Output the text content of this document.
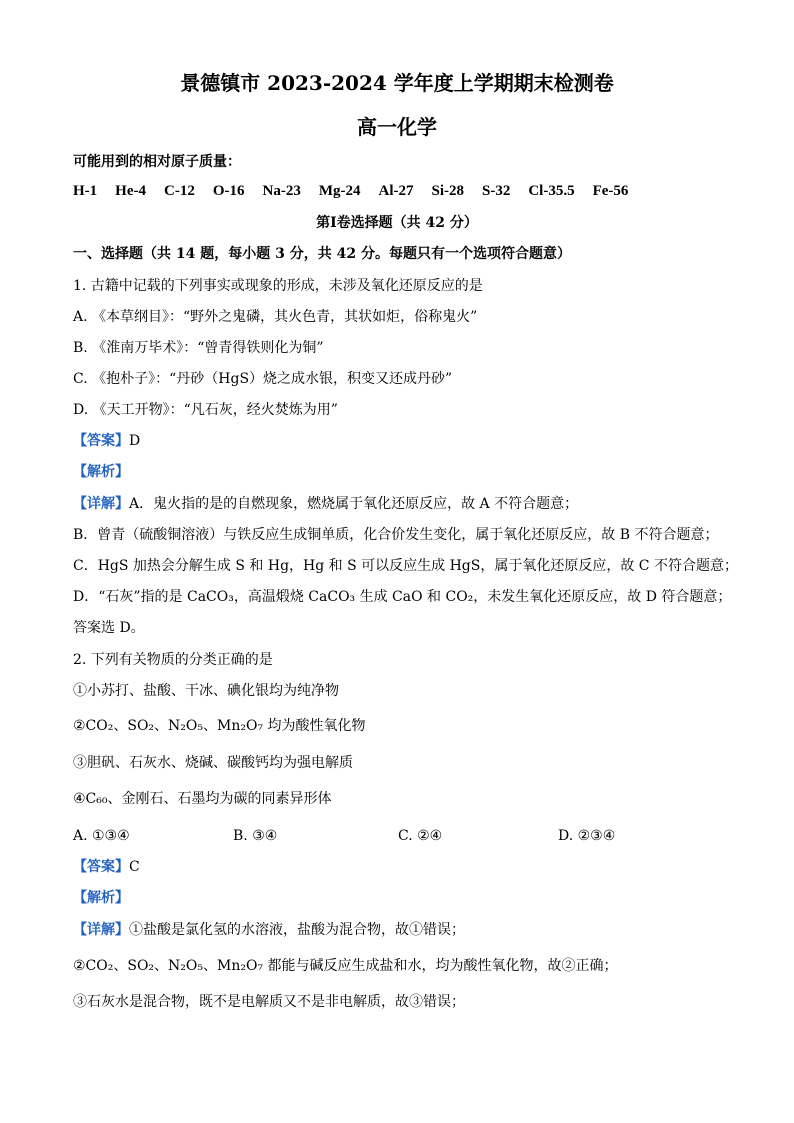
景德镇市 2023-2024 学年度上学期期末检测卷
高一化学
可能用到的相对原子质量：
H-1 He-4 C-12 O-16 Na-23 Mg-24 Al-27 Si-28 S-32 Cl-35.5 Fe-56
第Ⅰ卷选择题（共 42 分）
一、选择题（共 14 题，每小题 3 分，共 42 分。每题只有一个选项符合题意）
1. 古籍中记载的下列事实或现象的形成，未涉及氧化还原反应的是
A. 《本草纲目》：“野外之鬼磷，其火色青，其状如炬，俗称鬼火”
B. 《淮南万毕术》：“曾青得铁则化为铜”
C. 《抱朴子》：“丹砂（HgS）烧之成水银，积变又还成丹砂”
D. 《天工开物》：“凡石灰，经火焚炼为用”
【答案】D
【解析】
【详解】A．鬼火指的是的自燃现象，燃烧属于氧化还原反应，故 A 不符合题意；
B．曾青（硫酸铜溶液）与铁反应生成铜单质，化合价发生变化，属于氧化还原反应，故 B 不符合题意；
C．HgS 加热会分解生成 S 和 Hg，Hg 和 S 可以反应生成 HgS，属于氧化还原反应，故 C 不符合题意；
D．“石灰”指的是 CaCO₃，高温煅烧 CaCO₃ 生成 CaO 和 CO₂，未发生氧化还原反应，故 D 符合题意；
答案选 D。
2. 下列有关物质的分类正确的是
①小苏打、盐酸、干冰、碘化银均为纯净物
②CO₂、SO₂、N₂O₅、Mn₂O₇ 均为酸性氧化物
③胆矾、石灰水、烧碱、碳酸钙均为强电解质
④C₆₀、金刚石、石墨均为碳的同素异形体
A. ①③④	B. ③④	C. ②④	D. ②③④
【答案】C
【解析】
【详解】①盐酸是氯化氢的水溶液，盐酸为混合物，故①错误；
②CO₂、SO₂、N₂O₅、Mn₂O₇ 都能与碱反应生成盐和水，均为酸性氧化物，故②正确；
③石灰水是混合物，既不是电解质又不是非电解质，故③错误；
